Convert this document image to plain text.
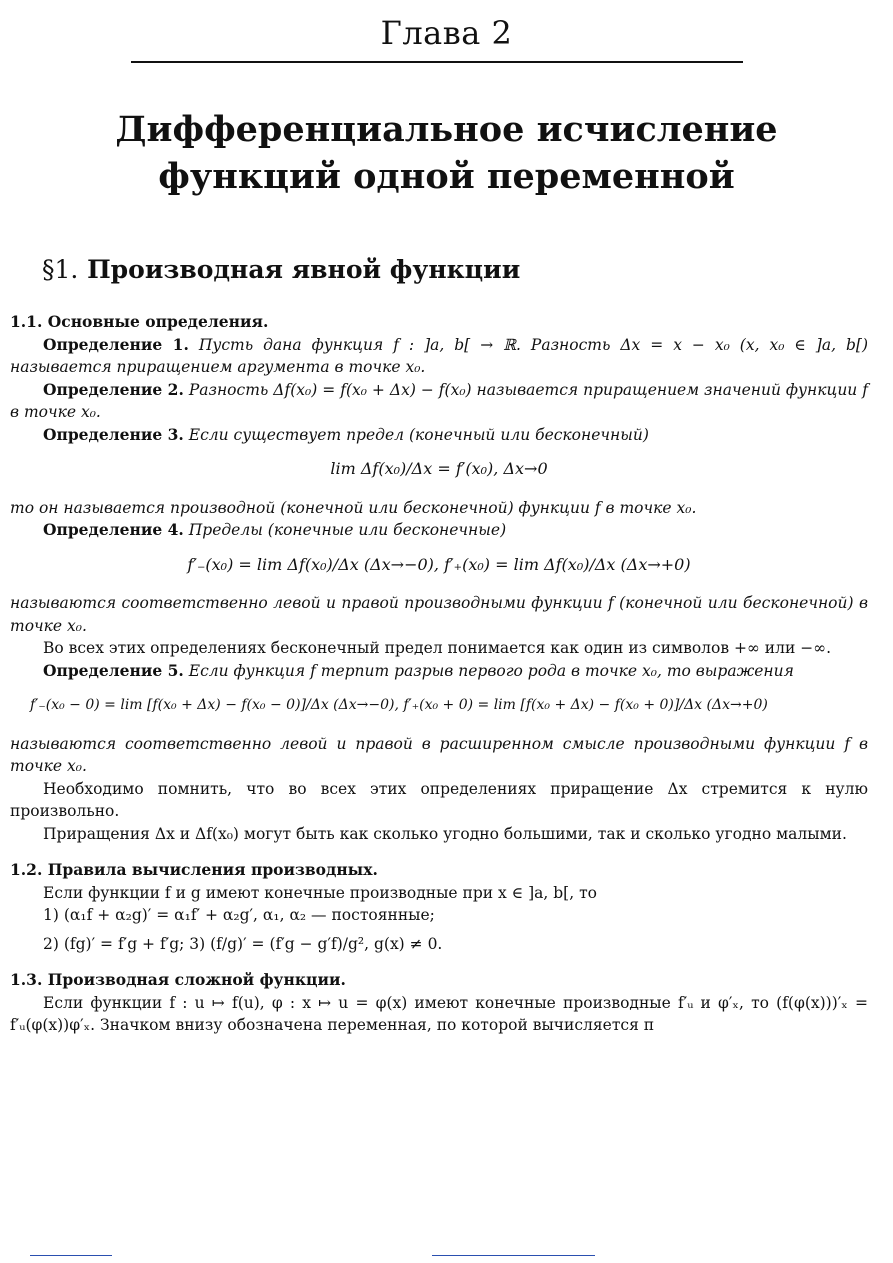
Глава 2
Дифференциальное исчисление
функций одной переменной
§1. Производная явной функции

1.1. Основные определения.

Определение 1. Пусть дана функция f : ]a, b[ → ℝ. Разность Δx = x − x₀ (x, x₀ ∈ ]a, b[) называется приращением аргумента в точке x₀.

Определение 2. Разность Δf(x₀) = f(x₀ + Δx) − f(x₀) называется приращением значений функции f в точке x₀.

Определение 3. Если существует предел (конечный или бесконечный)

lim Δf(x₀)/Δx = f′(x₀), Δx→0

то он называется производной (конечной или бесконечной) функции f в точке x₀.

Определение 4. Пределы (конечные или бесконечные)

f′₋(x₀) = lim Δf(x₀)/Δx (Δx→−0), f′₊(x₀) = lim Δf(x₀)/Δx (Δx→+0)

называются соответственно левой и правой производными функции f (конечной или бесконечной) в точке x₀.

Во всех этих определениях бесконечный предел понимается как один из символов +∞ или −∞.

Определение 5. Если функция f терпит разрыв первого рода в точке x₀, то выражения

f′₋(x₀ − 0) = lim [f(x₀ + Δx) − f(x₀ − 0)]/Δx (Δx→−0), f′₊(x₀ + 0) = lim [f(x₀ + Δx) − f(x₀ + 0)]/Δx (Δx→+0)

называются соответственно левой и правой в расширенном смысле производными функции f в точке x₀.

Необходимо помнить, что во всех этих определениях приращение Δx стремится к нулю произвольно.

Приращения Δx и Δf(x₀) могут быть как сколько угодно большими, так и сколько угодно малыми.

1.2. Правила вычисления производных.

Если функции f и g имеют конечные производные при x ∈ ]a, b[, то

1) (α₁f + α₂g)′ = α₁f′ + α₂g′, α₁, α₂ — постоянные;

2) (fg)′ = f′g + f′g; 3) (f/g)′ = (f′g − g′f)/g², g(x) ≠ 0.

1.3. Производная сложной функции.

Если функции f : u ↦ f(u), φ : x ↦ u = φ(x) имеют конечные производные f′ᵤ и φ′ₓ, то (f(φ(x)))′ₓ = f′ᵤ(φ(x))φ′ₓ. Значком внизу обозначена переменная, по которой вычисляется п
